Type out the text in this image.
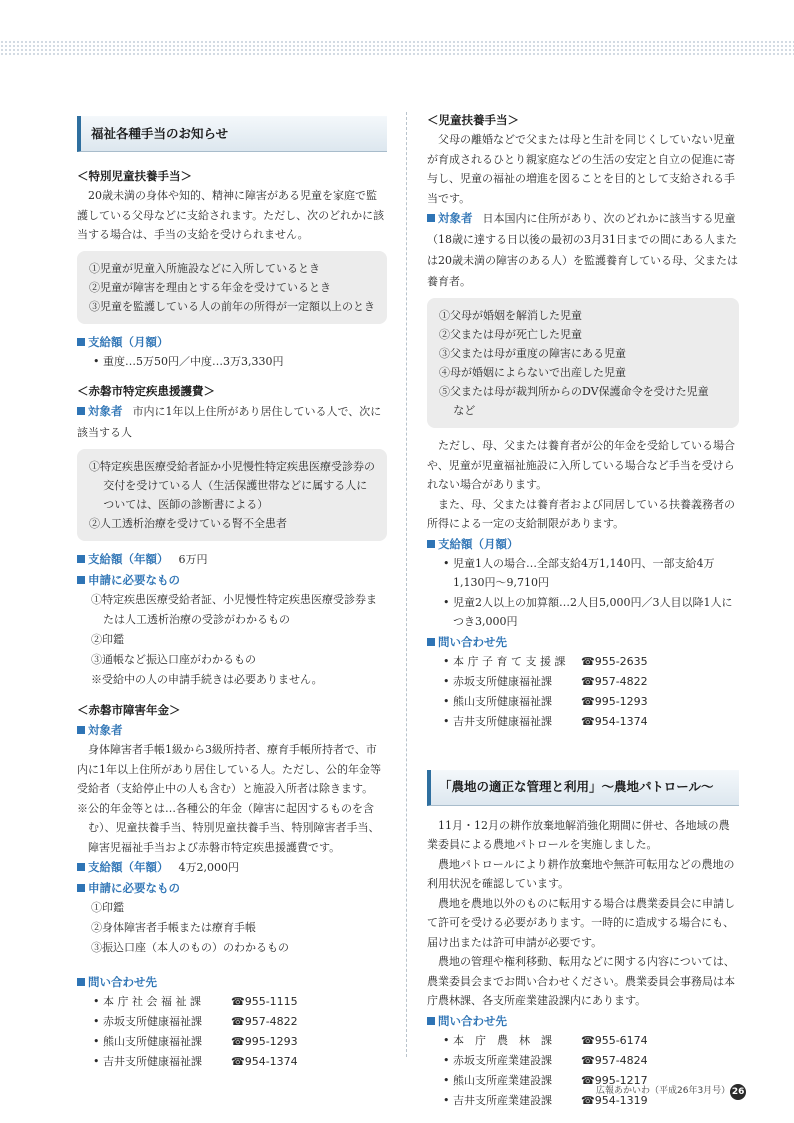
福祉各種手当のお知らせ
＜特別児童扶養手当＞
20歳未満の身体や知的、精神に障害がある児童を家庭で監護している父母などに支給されます。ただし、次のどれかに該当する場合は、手当の支給を受けられません。
①児童が児童入所施設などに入所しているとき
②児童が障害を理由とする年金を受けているとき
③児童を監護している人の前年の所得が一定額以上のとき
支給額（月額）
• 重度…5万50円／中度…3万3,330円
＜赤磐市特定疾患援護費＞
対象者 市内に1年以上住所があり居住している人で、次に該当する人
①特定疾患医療受給者証か小児慢性特定疾患医療受診券の交付を受けている人（生活保護世帯などに属する人については、医師の診断書による）
②人工透析治療を受けている腎不全患者
支給額（年額） 6万円
申請に必要なもの
①特定疾患医療受給者証、小児慢性特定疾患医療受診券または人工透析治療の受診がわかるもの
②印鑑
③通帳など振込口座がわかるもの
※受給中の人の申請手続きは必要ありません。
＜赤磐市障害年金＞
対象者
身体障害者手帳1級から3級所持者、療育手帳所持者で、市内に1年以上住所があり居住している人。ただし、公的年金等受給者（支給停止中の人も含む）と施設入所者は除きます。
※公的年金等とは…各種公的年金（障害に起因するものを含む）、児童扶養手当、特別児童扶養手当、特別障害者手当、障害児福祉手当および赤磐市特定疾患援護費です。
支給額（年額） 4万2,000円
申請に必要なもの
①印鑑
②身体障害者手帳または療育手帳
③振込口座（本人のもの）のわかるもの
問い合わせ先
• 本 庁 社 会 福 祉 課	☎955-1115
• 赤坂支所健康福祉課	☎957-4822
• 熊山支所健康福祉課	☎995-1293
• 吉井支所健康福祉課	☎954-1374
＜児童扶養手当＞
父母の離婚などで父または母と生計を同じくしていない児童が育成されるひとり親家庭などの生活の安定と自立の促進に寄与し、児童の福祉の増進を図ることを目的として支給される手当です。
対象者 日本国内に住所があり、次のどれかに該当する児童（18歳に達する日以後の最初の3月31日までの間にある人または20歳未満の障害のある人）を監護養育している母、父または養育者。
①父母が婚姻を解消した児童
②父または母が死亡した児童
③父または母が重度の障害にある児童
④母が婚姻によらないで出産した児童
⑤父または母が裁判所からのDV保護命令を受けた児童　など
ただし、母、父または養育者が公的年金を受給している場合や、児童が児童福祉施設に入所している場合など手当を受けられない場合があります。
また、母、父または養育者および同居している扶養義務者の所得による一定の支給制限があります。
支給額（月額）
• 児童1人の場合…全部支給4万1,140円、一部支給4万1,130円～9,710円
• 児童2人以上の加算額…2人目5,000円／3人目以降1人につき3,000円
問い合わせ先
• 本 庁 子 育 て 支 援 課	☎955-2635
• 赤坂支所健康福祉課	☎957-4822
• 熊山支所健康福祉課	☎995-1293
• 吉井支所健康福祉課	☎954-1374
「農地の適正な管理と利用」～農地パトロール～
11月・12月の耕作放棄地解消強化期間に併せ、各地域の農業委員による農地パトロールを実施しました。
農地パトロールにより耕作放棄地や無許可転用などの農地の利用状況を確認しています。
農地を農地以外のものに転用する場合は農業委員会に申請して許可を受ける必要があります。一時的に造成する場合にも、届け出または許可申請が必要です。
農地の管理や権利移動、転用などに関する内容については、農業委員会までお問い合わせください。農業委員会事務局は本庁農林課、各支所産業建設課内にあります。
問い合わせ先
• 本　庁　農　林　課	☎955-6174
• 赤坂支所産業建設課	☎957-4824
• 熊山支所産業建設課	☎995-1217
• 吉井支所産業建設課	☎954-1319
広報あかいわ（平成26年3月号） 26
